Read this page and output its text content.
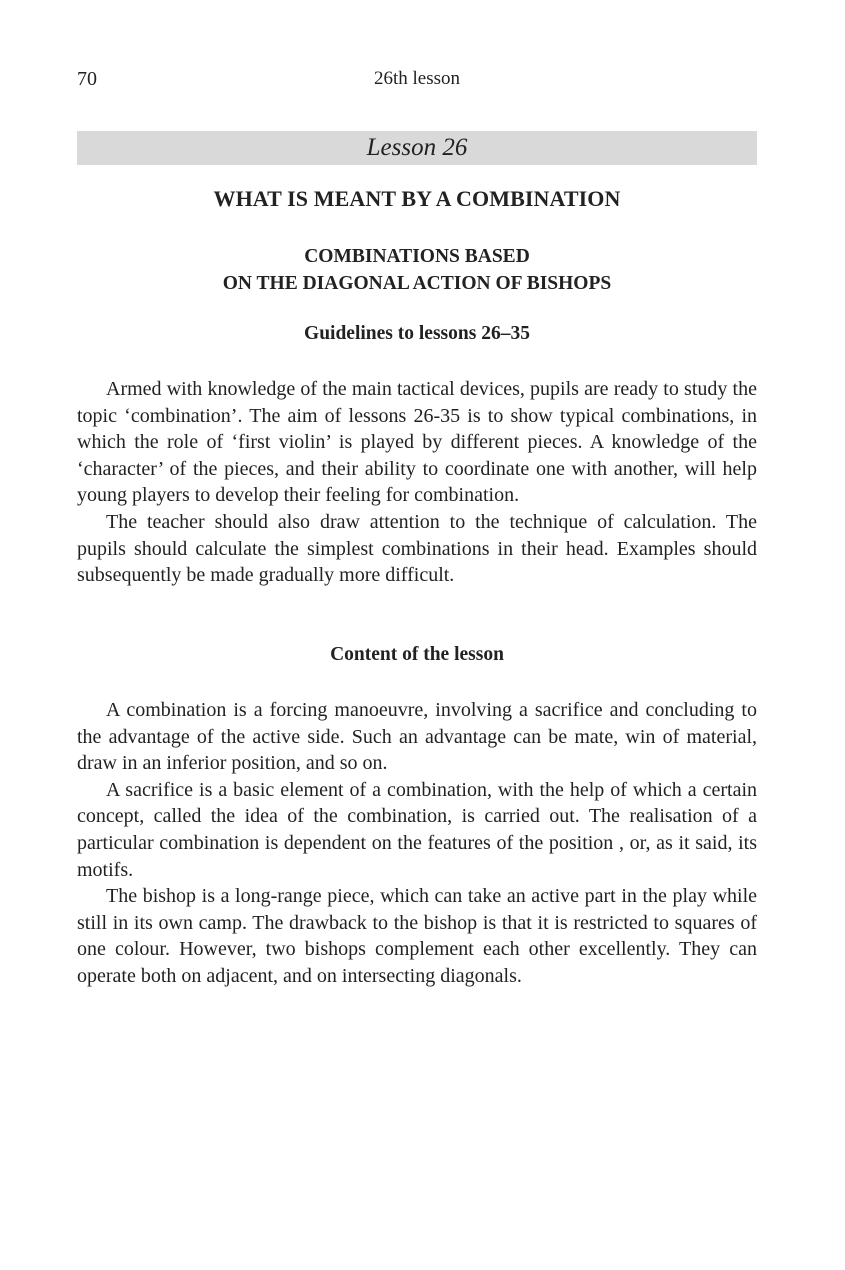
70	26th lesson
Lesson 26
WHAT IS MEANT BY A COMBINATION
COMBINATIONS BASED
ON THE DIAGONAL ACTION OF BISHOPS
Guidelines to lessons 26–35

Armed with knowledge of the main tactical devices, pupils are ready to study the topic ‘combination’. The aim of lessons 26-35 is to show typical combinations, in which the role of ‘first violin’ is played by different pieces. A knowledge of the ‘character’ of the pieces, and their ability to coordinate one with another, will help young players to develop their feeling for combination.

The teacher should also draw attention to the technique of calculation. The pupils should calculate the simplest combinations in their head. Examples should subsequently be made gradually more difficult.

Content of the lesson

A combination is a forcing manoeuvre, involving a sacrifice and concluding to the advantage of the active side. Such an advantage can be mate, win of material, draw in an inferior position, and so on.

A sacrifice is a basic element of a combination, with the help of which a certain concept, called the idea of the combination, is carried out. The realisation of a particular combination is dependent on the features of the position , or, as it said, its motifs.

The bishop is a long-range piece, which can take an active part in the play while still in its own camp. The drawback to the bishop is that it is restricted to squares of one colour. However, two bishops complement each other excellently. They can operate both on adjacent, and on intersecting diagonals.
